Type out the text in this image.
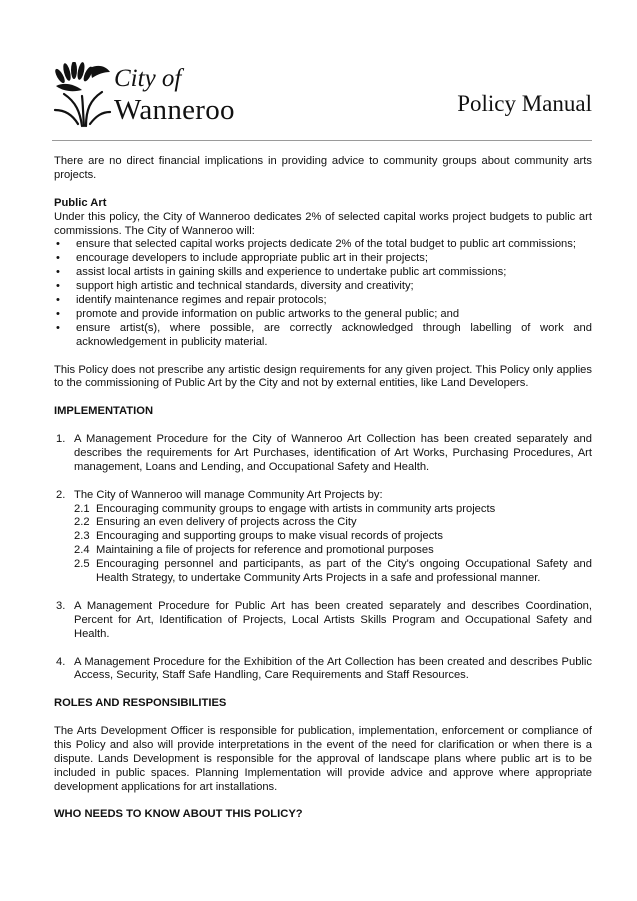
City of
Wanneroo	Policy Manual

There are no direct financial implications in providing advice to community groups about community arts projects.

Public Art

Under this policy, the City of Wanneroo dedicates 2% of selected capital works project budgets to public art commissions. The City of Wanneroo will:

• ensure that selected capital works projects dedicate 2% of the total budget to public art commissions;
• encourage developers to include appropriate public art in their projects;
• assist local artists in gaining skills and experience to undertake public art commissions;
• support high artistic and technical standards, diversity and creativity;
• identify maintenance regimes and repair protocols;
• promote and provide information on public artworks to the general public; and
• ensure artist(s), where possible, are correctly acknowledged through labelling of work and acknowledgement in publicity material.

This Policy does not prescribe any artistic design requirements for any given project. This Policy only applies to the commissioning of Public Art by the City and not by external entities, like Land Developers.

IMPLEMENTATION

1. A Management Procedure for the City of Wanneroo Art Collection has been created separately and describes the requirements for Art Purchases, identification of Art Works, Purchasing Procedures, Art management, Loans and Lending, and Occupational Safety and Health.
2. The City of Wanneroo will manage Community Art Projects by:
2.1 Encouraging community groups to engage with artists in community arts projects
2.2 Ensuring an even delivery of projects across the City
2.3 Encouraging and supporting groups to make visual records of projects
2.4 Maintaining a file of projects for reference and promotional purposes
2.5 Encouraging personnel and participants, as part of the City's ongoing Occupational Safety and Health Strategy, to undertake Community Arts Projects in a safe and professional manner.
3. A Management Procedure for Public Art has been created separately and describes Coordination, Percent for Art, Identification of Projects, Local Artists Skills Program and Occupational Safety and Health.
4. A Management Procedure for the Exhibition of the Art Collection has been created and describes Public Access, Security, Staff Safe Handling, Care Requirements and Staff Resources.

ROLES AND RESPONSIBILITIES

The Arts Development Officer is responsible for publication, implementation, enforcement or compliance of this Policy and also will provide interpretations in the event of the need for clarification or when there is a dispute. Lands Development is responsible for the approval of landscape plans where public art is to be included in public spaces. Planning Implementation will provide advice and approve where appropriate development applications for art installations.

WHO NEEDS TO KNOW ABOUT THIS POLICY?
